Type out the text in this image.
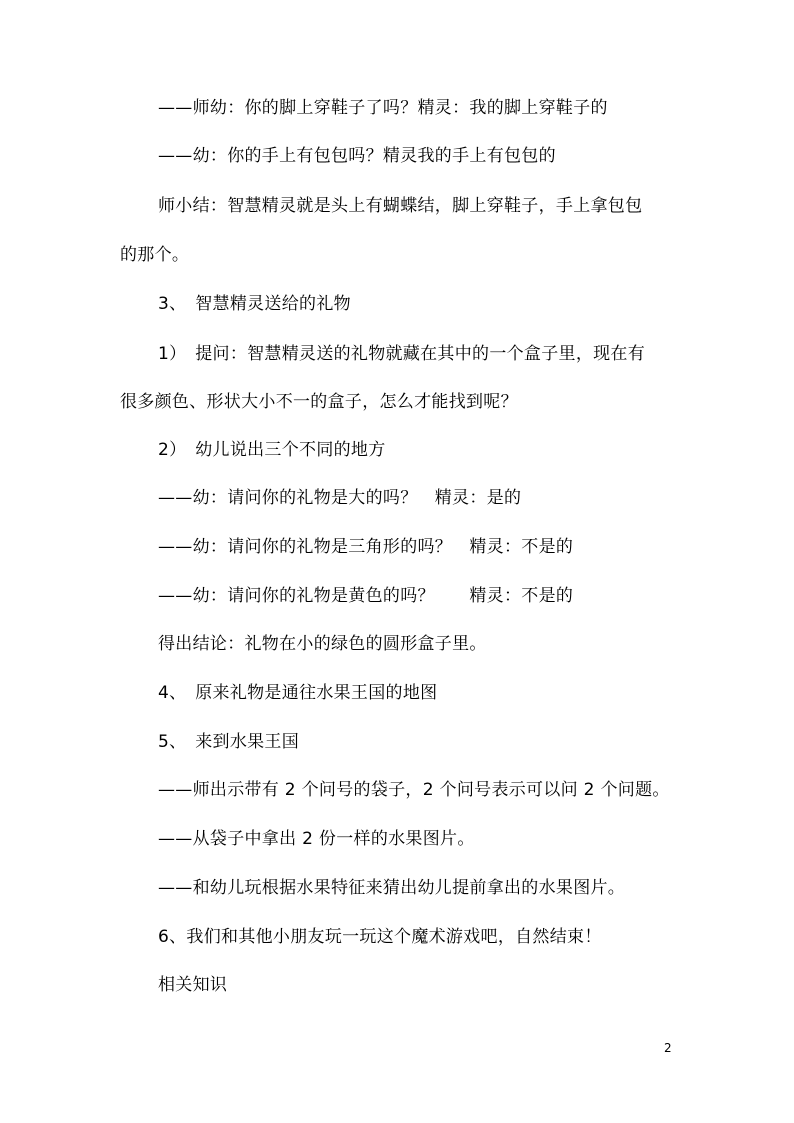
——师幼：你的脚上穿鞋子了吗？精灵：我的脚上穿鞋子的
——幼：你的手上有包包吗？精灵我的手上有包包的
师小结：智慧精灵就是头上有蝴蝶结，脚上穿鞋子，手上拿包包
的那个。
3、　智慧精灵送给的礼物
1）　提问：智慧精灵送的礼物就藏在其中的一个盒子里，现在有
很多颜色、形状大小不一的盒子，怎么才能找到呢？
2）　幼儿说出三个不同的地方
——幼：请问你的礼物是大的吗？　精灵：是的
——幼：请问你的礼物是三角形的吗？　精灵：不是的
——幼：请问你的礼物是黄色的吗？　　精灵：不是的
得出结论：礼物在小的绿色的圆形盒子里。
4、　原来礼物是通往水果王国的地图
5、　来到水果王国
——师出示带有 2 个问号的袋子，2 个问号表示可以问 2 个问题。
——从袋子中拿出 2 份一样的水果图片。
——和幼儿玩根据水果特征来猜出幼儿提前拿出的水果图片。
6、我们和其他小朋友玩一玩这个魔术游戏吧，自然结束！
相关知识
2
